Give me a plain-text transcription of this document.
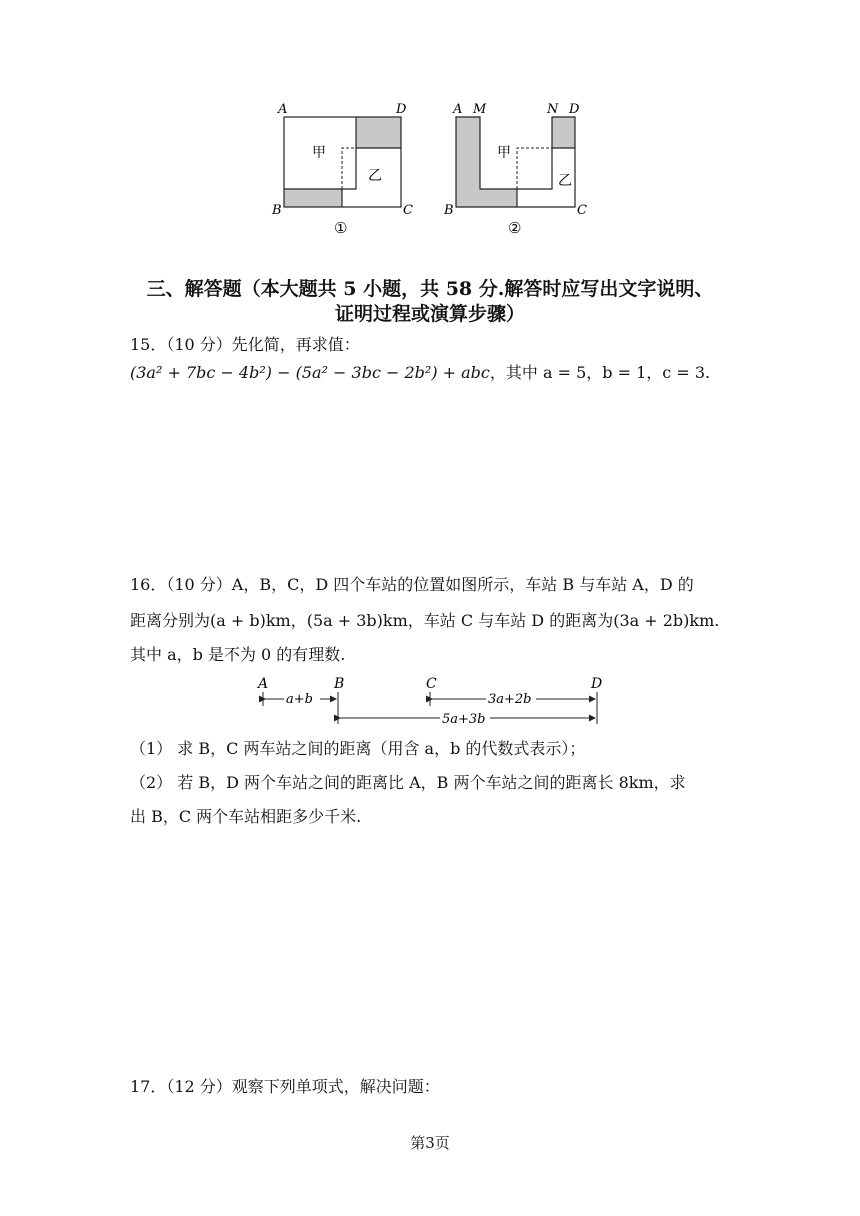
A	D
B	C
甲
乙
①
A M	N D
B	C
甲
乙
②
三、解答题（本大题共 5 小题，共 58 分.解答时应写出文字说明、
证明过程或演算步骤）
15．（10 分）先化简，再求值：
(3a² + 7bc − 4b²) − (5a² − 3bc − 2b²) + abc，其中 a = 5，b = 1，c = 3.
16．（10 分）A，B，C，D 四个车站的位置如图所示，车站 B 与车站 A，D 的
距离分别为(a + b)km，(5a + 3b)km，车站 C 与车站 D 的距离为(3a + 2b)km.
其中 a，b 是不为 0 的有理数.
a+b	3a+2b
5a+3b
A	B	C	D
（1） 求 B，C 两车站之间的距离（用含 a，b 的代数式表示）；
（2） 若 B，D 两个车站之间的距离比 A，B 两个车站之间的距离长 8km，求
出 B，C 两个车站相距多少千米.
17．（12 分）观察下列单项式，解决问题：
第3页
